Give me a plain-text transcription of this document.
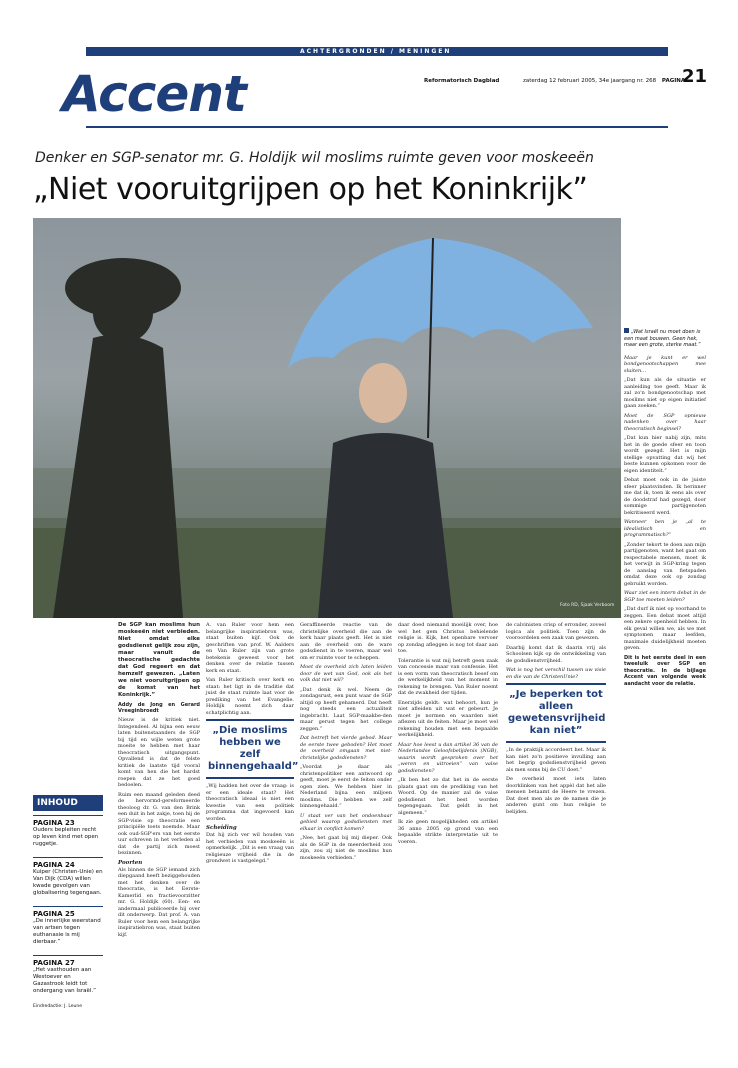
ACHTERGRONDEN / MENINGEN
Accent	Reformatorisch Dagblad	zaterdag 12 februari 2005, 34e jaargang nr. 268 PAGINA
21
Denker en SGP-senator mr. G. Holdijk wil moslims ruimte geven voor moskeeën
„Niet vooruitgrijpen op het Koninkrijk”
Foto RD, Sjaak Verboom
„Wat Israël nu moet doen is een maat bouwen. Geen hek, maar een grote, sterke maat.”

Maar je kunt er wel bondgenootschappen mee sluiten…

„Dat kun als de situatie er aanleiding toe geeft. Maar ik zal zo'n bondgenootschap met moslims niet op eigen initiatief gaan zoeken.”

Moet de SGP opnieuw nadenken over haar theocratisch beginsel?

„Dat kun hier nabij zijn, mits het in de goede sfeer en toon wordt gezegd. Het is mijn stellige opvatting dat wij het beste kunnen opkomen voor de eigen identiteit.”

Debat moet ook in de juiste sfeer plaatsvinden. Ik herinner me dat ik, toen ik eens als over de doodstraf had gezegd, door sommige partijgenoten bekritiseerd werd.

Wanneer ben je „al te idealistisch en programmatisch?”

„Zonder tekort te doen aan mijn partijgenoten, want het gaat om respectabele mensen, moet ik het verwijt in SGP-kring tegen de aanslag van fietspaden omdat deze ook op zondag gebruikt worden.

Waar ziet een intern debat in de SGP toe moeten leiden?

„Dat durf ik niet op voorhand te zeggen. Een debat moet altijd een zekere openheid hebben. In elk geval willen we, als we met symptomen maar leefden, maximale duidelijkheid moeten geven.

Dit is het eerste deel in een tweeluik over SGP en theocratie. In de bijlage Accent van volgende week aandacht voor de relatie.

De SGP kan moslims hun moskeeën niet verbieden. Niet omdat elke godsdienst gelijk zou zijn, maar vanuit de theocratische gedachte dat God regeert en dat hemzelf gewezen. „Laten we niet vooruitgrijpen op de komst van het Koninkrijk.”

Addy de Jong en Gerard Vreeginbroedt

Nieuw is de kritiek niet. Integendeel. Al bijna een eeuw laten buitenstaanders de SGP bij tijd en wijle weten grote moeite te hebben met haar theocratisch uitgangspunt. Opvallend is dat de felste kritiek de laatste tijd vooral komt van hen die het hardst roepen dat ze het goed bedoelen.

Ruim een maand geleden deed de hervormd-gereformeerde theoloog dr. G. van den Brink een duit in het zakje, toen hij de SGP-visie op theocratie een principiële toets noemde. Maar ook oud-SGP'ers van het eerste uur schreven in het verleden al dat de partij zich moest bezinnen.

Poorten

Als binnen de SGP iemand zich diepgaand heeft beziggehouden met het denken over de theocratie, is het Eerste-Kamerlid en fractievoorzitter mr. G. Holdijk (60). Een- en andermaal publiceerde hij over dit onderwerp. Dat prof. A. van Ruler voor hem een belangrijke inspiratiebron was, staat buiten kijf.

INHOUD
PAGINA 23
Ouders bepleiten recht op leven kind met open ruggetje.
PAGINA 24
Kuiper (Christen-Unie) en Van Dijk (CDA) willen kwade gevolgen van globalisering tegengaan.
PAGINA 25
„De innerlijke weerstand van artsen tegen euthanasie is mij dierbaar.”
PAGINA 27
„Het vasthouden aan Westoever en Gazastrook leidt tot ondergang van Israël.”
Eindredactie: J. Leune

A. van Ruler voor hem een belangrijke inspiratiebron was, staat buiten kijf. Ook de geschriften van prof. W. Aalders en Van Ruler zijn van grote betekenis geweest voor het denken over de relatie tussen kerk en staat.

Van Ruler kritisch over kerk en staat: het ligt in de traditie dat juist de staat ruimte laat voor de prediking van het Evangelie. Holdijk noemt zich daar schatplichtig aan.

„Die moslims hebben we zelf binnengehaald”

„Wij hadden het over de vraag: is er een ideale staat? Het theocratisch ideaal is niet een kwestie van een politiek programma dat ingevoerd kan worden.

Scheiding

Dat hij zich ver wil houden van het verbieden van moskeeën is opmerkelijk. „Dit is een vraag van religieuze vrijheid die in de grondwet is vastgelegd.”

Geraffineerde reactie van de christelijke overheid die aan de kerk haar plaats geeft. Het is niet aan de overheid om de ware godsdienst in te voeren, maar wel om er ruimte voor te scheppen.

Moet de overheid zich laten leiden door de wet van God, ook als het volk dat niet wil?

„Dat denk ik wel. Neem de zondagsrust, een punt waar de SGP altijd op heeft gehamerd. Dat heeft nog steeds een actualiteit ingebracht. Laat SGP-maakbe-den maar gerust tegen het college zeggen.”

Dat betreft het vierde gebod. Maar de eerste twee geboden? Het moet de overheid omgaan met niet-christelijke godsdiensten?

„Voordat je daar als christenpolitiker een antwoord op geeft, moet je eerst de feiten onder ogen zien. We hebben hier in Nederland bijna een miljoen moslims. Die hebben we zelf binnengehaald.”

U staat ver van het ondoenbaar gebied waarop godsdiensten met elkaar in conflict komen?

„Nee, het gaat bij mij dieper. Ook als de SGP in de meerderheid zou zijn, zou zij niet de moslims hun moskeeën verbieden.”

daar doed niemand moeilijk over, hoe wel het gem Christus behielende religie is. Kijk, het openbare vervoer op zondag afleggen is nog tot daar aan toe.

Tolerantie is wat mij betreft geen zaak van concessie maar van confessie. Het is een vorm van theocratisch besef om de werkelijkheid van het moment in rekening te brengen. Van Ruler noemt dat de zwakheid der tijden.

Enerzijds geldt: wat behoort, kun je niet afleiden uit wat er gebeurt. Je moet je normen en waarden niet aflezen uit de feiten. Maar je moet wel rekening houden met een bepaalde werkelijkheid.

Maar hoe leest u dan artikel 36 van de Nederlandse Geloofsbelijdenis (NGB), waarin wordt gesproken over het „weren en uitroeien” van valse godsdiensten?

„Ik ben het zo dat het in de eerste plaats gaat om de prediking van het Woord. Op de manier zal de valse godsdienst het best worden tegengegaan. Dat geldt in het algemeen.”

Ik zie geen mogelijkheden om artikel 36 anno 2005 op grond van een bepaalde strikte interpretatie uit te voeren.

de calvinisten crisp of erronder, zoveel logica als politiek. Toen zijn de vooroordelen een zaak van gewezen.

Daarbij komt dat ik daarin vrij als Schoolsen kijk op de ontwikkeling van de godsdienstvrijheid.

Wat is nog het verschil tussen uw visie en die van de ChristenUnie?

„Je beperken tot alleen gewetensvrijheid kan niet”

„In de praktijk accordeert het. Maar ik kan niet zo'n positieve invulling aan het begrip godsdienstvrijheid geven als men soms bij de CU doet.”

De overheid moet iets laten doorklinken van het appèl dat het alle mensen betaamt de Heere te vrezen. Dat doet men als ze de namen die je anderen gunt om hun religie te belijden.
